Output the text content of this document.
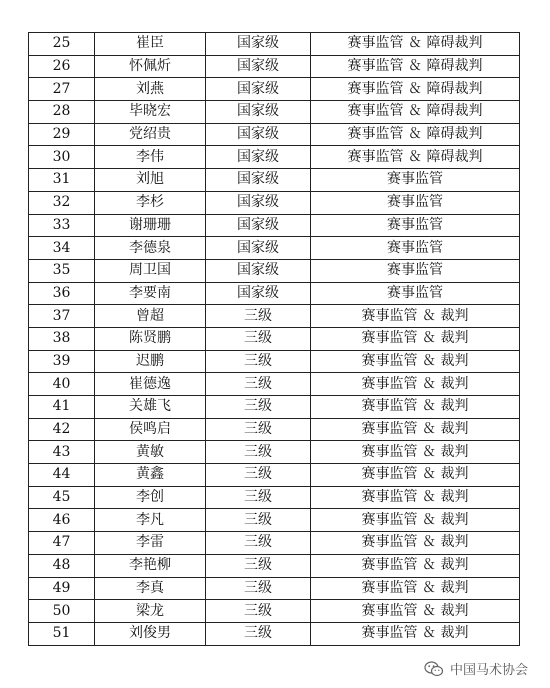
25	崔臣	国家级	赛事监管 ＆ 障碍裁判
26	怀佩炘	国家级	赛事监管 ＆ 障碍裁判
27	刘燕	国家级	赛事监管 ＆ 障碍裁判
28	毕晓宏	国家级	赛事监管 ＆ 障碍裁判
29	党绍贵	国家级	赛事监管 ＆ 障碍裁判
30	李伟	国家级	赛事监管 ＆ 障碍裁判
31	刘旭	国家级	赛事监管
32	李杉	国家级	赛事监管
33	谢珊珊	国家级	赛事监管
34	李德泉	国家级	赛事监管
35	周卫国	国家级	赛事监管
36	李要南	国家级	赛事监管
37	曾超	三级	赛事监管 ＆ 裁判
38	陈贤鹏	三级	赛事监管 ＆ 裁判
39	迟鹏	三级	赛事监管 ＆ 裁判
40	崔德逸	三级	赛事监管 ＆ 裁判
41	关雄飞	三级	赛事监管 ＆ 裁判
42	侯鸣启	三级	赛事监管 ＆ 裁判
43	黄敏	三级	赛事监管 ＆ 裁判
44	黄鑫	三级	赛事监管 ＆ 裁判
45	李创	三级	赛事监管 ＆ 裁判
46	李凡	三级	赛事监管 ＆ 裁判
47	李雷	三级	赛事监管 ＆ 裁判
48	李艳柳	三级	赛事监管 ＆ 裁判
49	李真	三级	赛事监管 ＆ 裁判
50	梁龙	三级	赛事监管 ＆ 裁判
51	刘俊男	三级	赛事监管 ＆ 裁判
中国马术协会
